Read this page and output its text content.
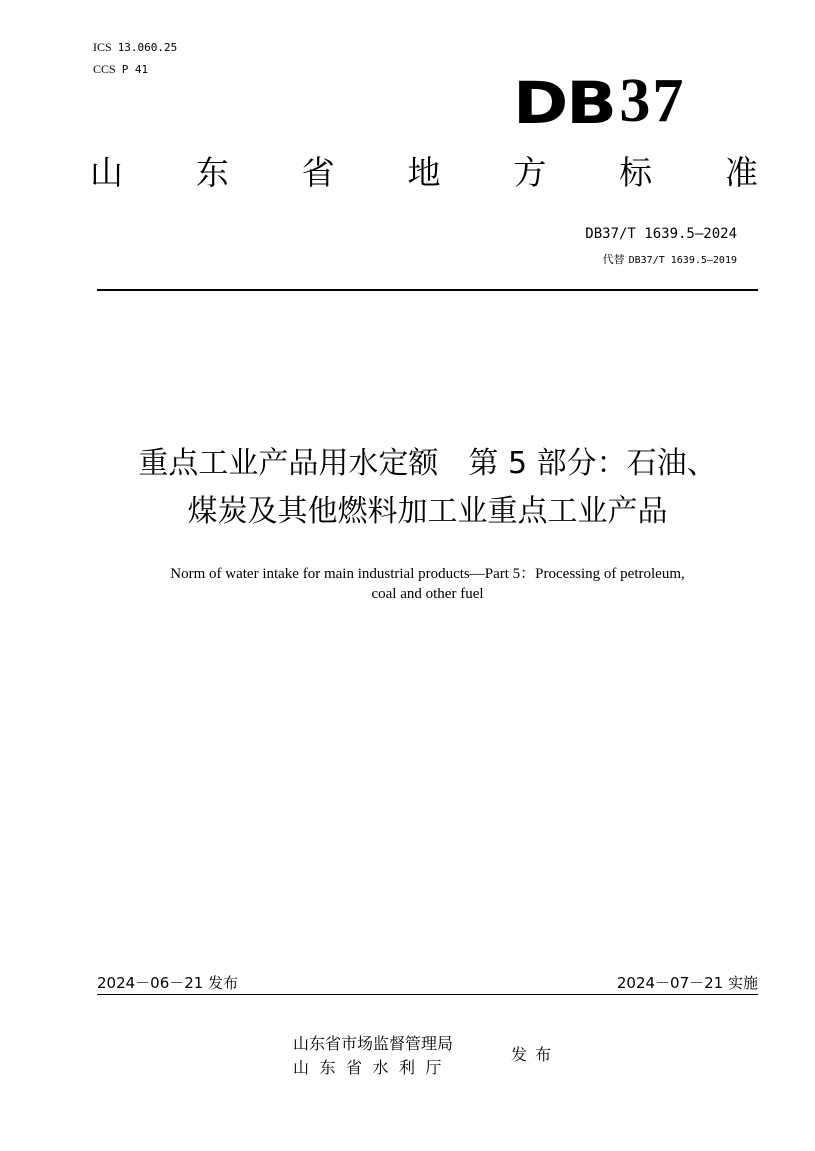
ICS 13.060.25
CCS P 41	DB 37
山 东 省 地 方 标 准
DB37/T 1639.5—2024
代替 DB37/T 1639.5—2019
重点工业产品用水定额　第 5 部分：石油、
煤炭及其他燃料加工业重点工业产品
Norm of water intake for main industrial products—Part 5：Processing of petroleum,
coal and other fuel
2024－06－21 发布	2024－07－21 实施
山东省市场监督管理局
山东省水利厅
发布
